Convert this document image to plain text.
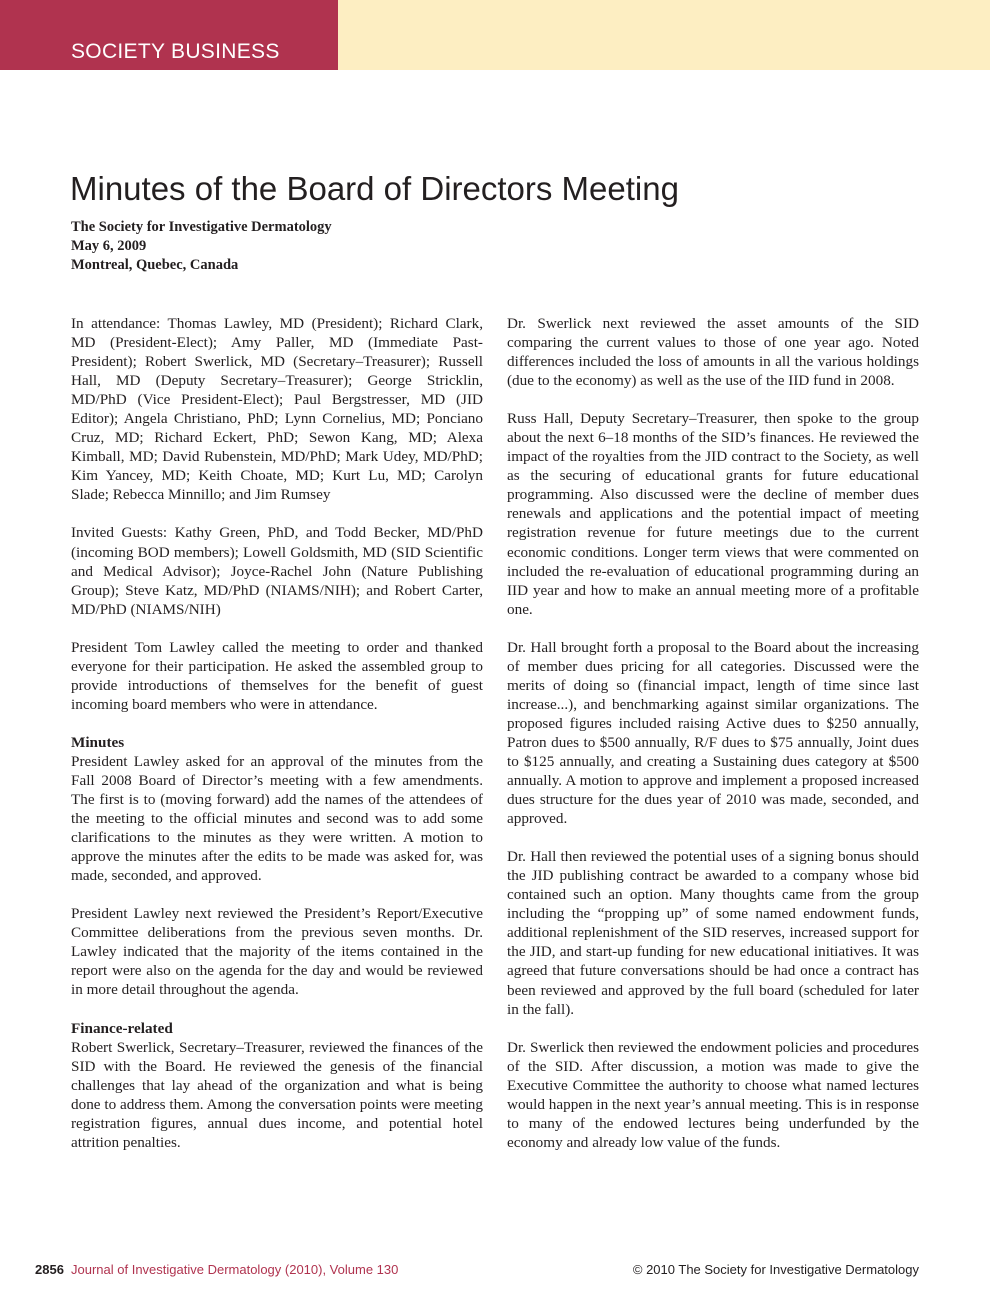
SOCIETY BUSINESS
Minutes of the Board of Directors Meeting
The Society for Investigative Dermatology
May 6, 2009
Montreal, Quebec, Canada

In attendance: Thomas Lawley, MD (President); Richard Clark, MD (President-Elect); Amy Paller, MD (Immediate Past-President); Robert Swerlick, MD (Secretary–Treasurer); Russell Hall, MD (Deputy Secretary–Treasurer); George Stricklin, MD/PhD (Vice President-Elect); Paul Bergstresser, MD (JID Editor); Angela Christiano, PhD; Lynn Cornelius, MD; Ponciano Cruz, MD; Richard Eckert, PhD; Sewon Kang, MD; Alexa Kimball, MD; David Rubenstein, MD/PhD; Mark Udey, MD/PhD; Kim Yancey, MD; Keith Choate, MD; Kurt Lu, MD; Carolyn Slade; Rebecca Minnillo; and Jim Rumsey

Invited Guests: Kathy Green, PhD, and Todd Becker, MD/PhD (incoming BOD members); Lowell Goldsmith, MD (SID Scientific and Medical Advisor); Joyce-Rachel John (Nature Publishing Group); Steve Katz, MD/PhD (NIAMS/NIH); and Robert Carter, MD/PhD (NIAMS/NIH)

President Tom Lawley called the meeting to order and thanked everyone for their participation. He asked the assembled group to provide introductions of themselves for the benefit of guest incoming board members who were in attendance.

Minutes

President Lawley asked for an approval of the minutes from the Fall 2008 Board of Director’s meeting with a few amendments. The first is to (moving forward) add the names of the attendees of the meeting to the official minutes and second was to add some clarifications to the minutes as they were written. A motion to approve the minutes after the edits to be made was asked for, was made, seconded, and approved.

President Lawley next reviewed the President’s Report/Executive Committee deliberations from the previous seven months. Dr. Lawley indicated that the majority of the items contained in the report were also on the agenda for the day and would be reviewed in more detail throughout the agenda.

Finance-related

Robert Swerlick, Secretary–Treasurer, reviewed the finances of the SID with the Board. He reviewed the genesis of the financial challenges that lay ahead of the organization and what is being done to address them. Among the conversation points were meeting registration figures, annual dues income, and potential hotel attrition penalties.

Dr. Swerlick next reviewed the asset amounts of the SID comparing the current values to those of one year ago. Noted differences included the loss of amounts in all the various holdings (due to the economy) as well as the use of the IID fund in 2008.

Russ Hall, Deputy Secretary–Treasurer, then spoke to the group about the next 6–18 months of the SID’s finances. He reviewed the impact of the royalties from the JID contract to the Society, as well as the securing of educational grants for future educational programming. Also discussed were the decline of member dues renewals and applications and the potential impact of meeting registration revenue for future meetings due to the current economic conditions. Longer term views that were commented on included the re-evaluation of educational programming during an IID year and how to make an annual meeting more of a profitable one.

Dr. Hall brought forth a proposal to the Board about the increasing of member dues pricing for all categories. Discussed were the merits of doing so (financial impact, length of time since last increase...), and benchmarking against similar organizations. The proposed figures included raising Active dues to $250 annually, Patron dues to $500 annually, R/F dues to $75 annually, Joint dues to $125 annually, and creating a Sustaining dues category at $500 annually. A motion to approve and implement a proposed increased dues structure for the dues year of 2010 was made, seconded, and approved.

Dr. Hall then reviewed the potential uses of a signing bonus should the JID publishing contract be awarded to a company whose bid contained such an option. Many thoughts came from the group including the “propping up” of some named endowment funds, additional replenishment of the SID reserves, increased support for the JID, and start-up funding for new educational initiatives. It was agreed that future conversations should be had once a contract has been reviewed and approved by the full board (scheduled for later in the fall).

Dr. Swerlick then reviewed the endowment policies and procedures of the SID. After discussion, a motion was made to give the Executive Committee the authority to choose what named lectures would happen in the next year’s annual meeting. This is in response to many of the endowed lectures being underfunded by the economy and already low value of the funds.

2856 Journal of Investigative Dermatology (2010), Volume 130	© 2010 The Society for Investigative Dermatology
